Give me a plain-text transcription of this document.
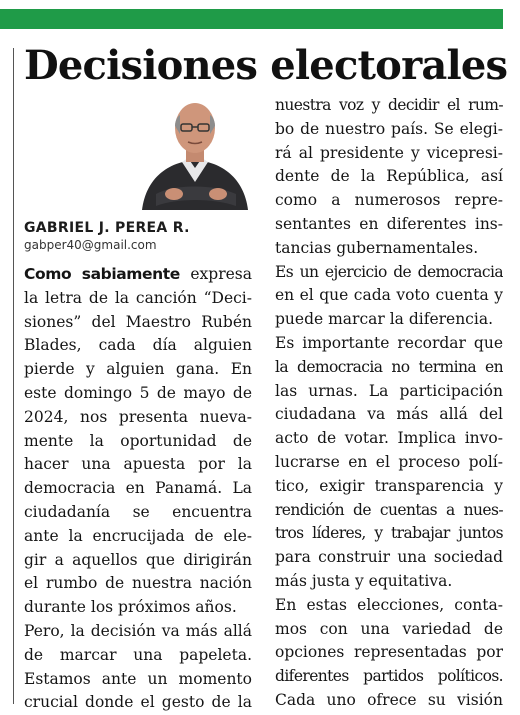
Decisiones electorales
GABRIEL J. PEREA R.
gabper40@gmail.com
Como sabiamente expresa
la letra de la canción “Deci-
siones” del Maestro Rubén
Blades, cada día alguien
pierde y alguien gana. En
este domingo 5 de mayo de
2024, nos presenta nueva-
mente la oportunidad de
hacer una apuesta por la
democracia en Panamá. La
ciudadanía se encuentra
ante la encrucijada de ele-
gir a aquellos que dirigirán
el rumbo de nuestra nación
durante los próximos años.
Pero, la decisión va más allá
de marcar una papeleta.
Estamos ante un momento
crucial donde el gesto de la
nuestra voz y decidir el rum-
bo de nuestro país. Se elegi-
rá al presidente y vicepresi-
dente de la República, así
como a numerosos repre-
sentantes en diferentes ins-
tancias gubernamentales.
Es un ejercicio de democracia
en el que cada voto cuenta y
puede marcar la diferencia.
Es importante recordar que
la democracia no termina en
las urnas. La participación
ciudadana va más allá del
acto de votar. Implica invo-
lucrarse en el proceso polí-
tico, exigir transparencia y
rendición de cuentas a nues-
tros líderes, y trabajar juntos
para construir una sociedad
más justa y equitativa.
En estas elecciones, conta-
mos con una variedad de
opciones representadas por
diferentes partidos políticos.
Cada uno ofrece su visión
